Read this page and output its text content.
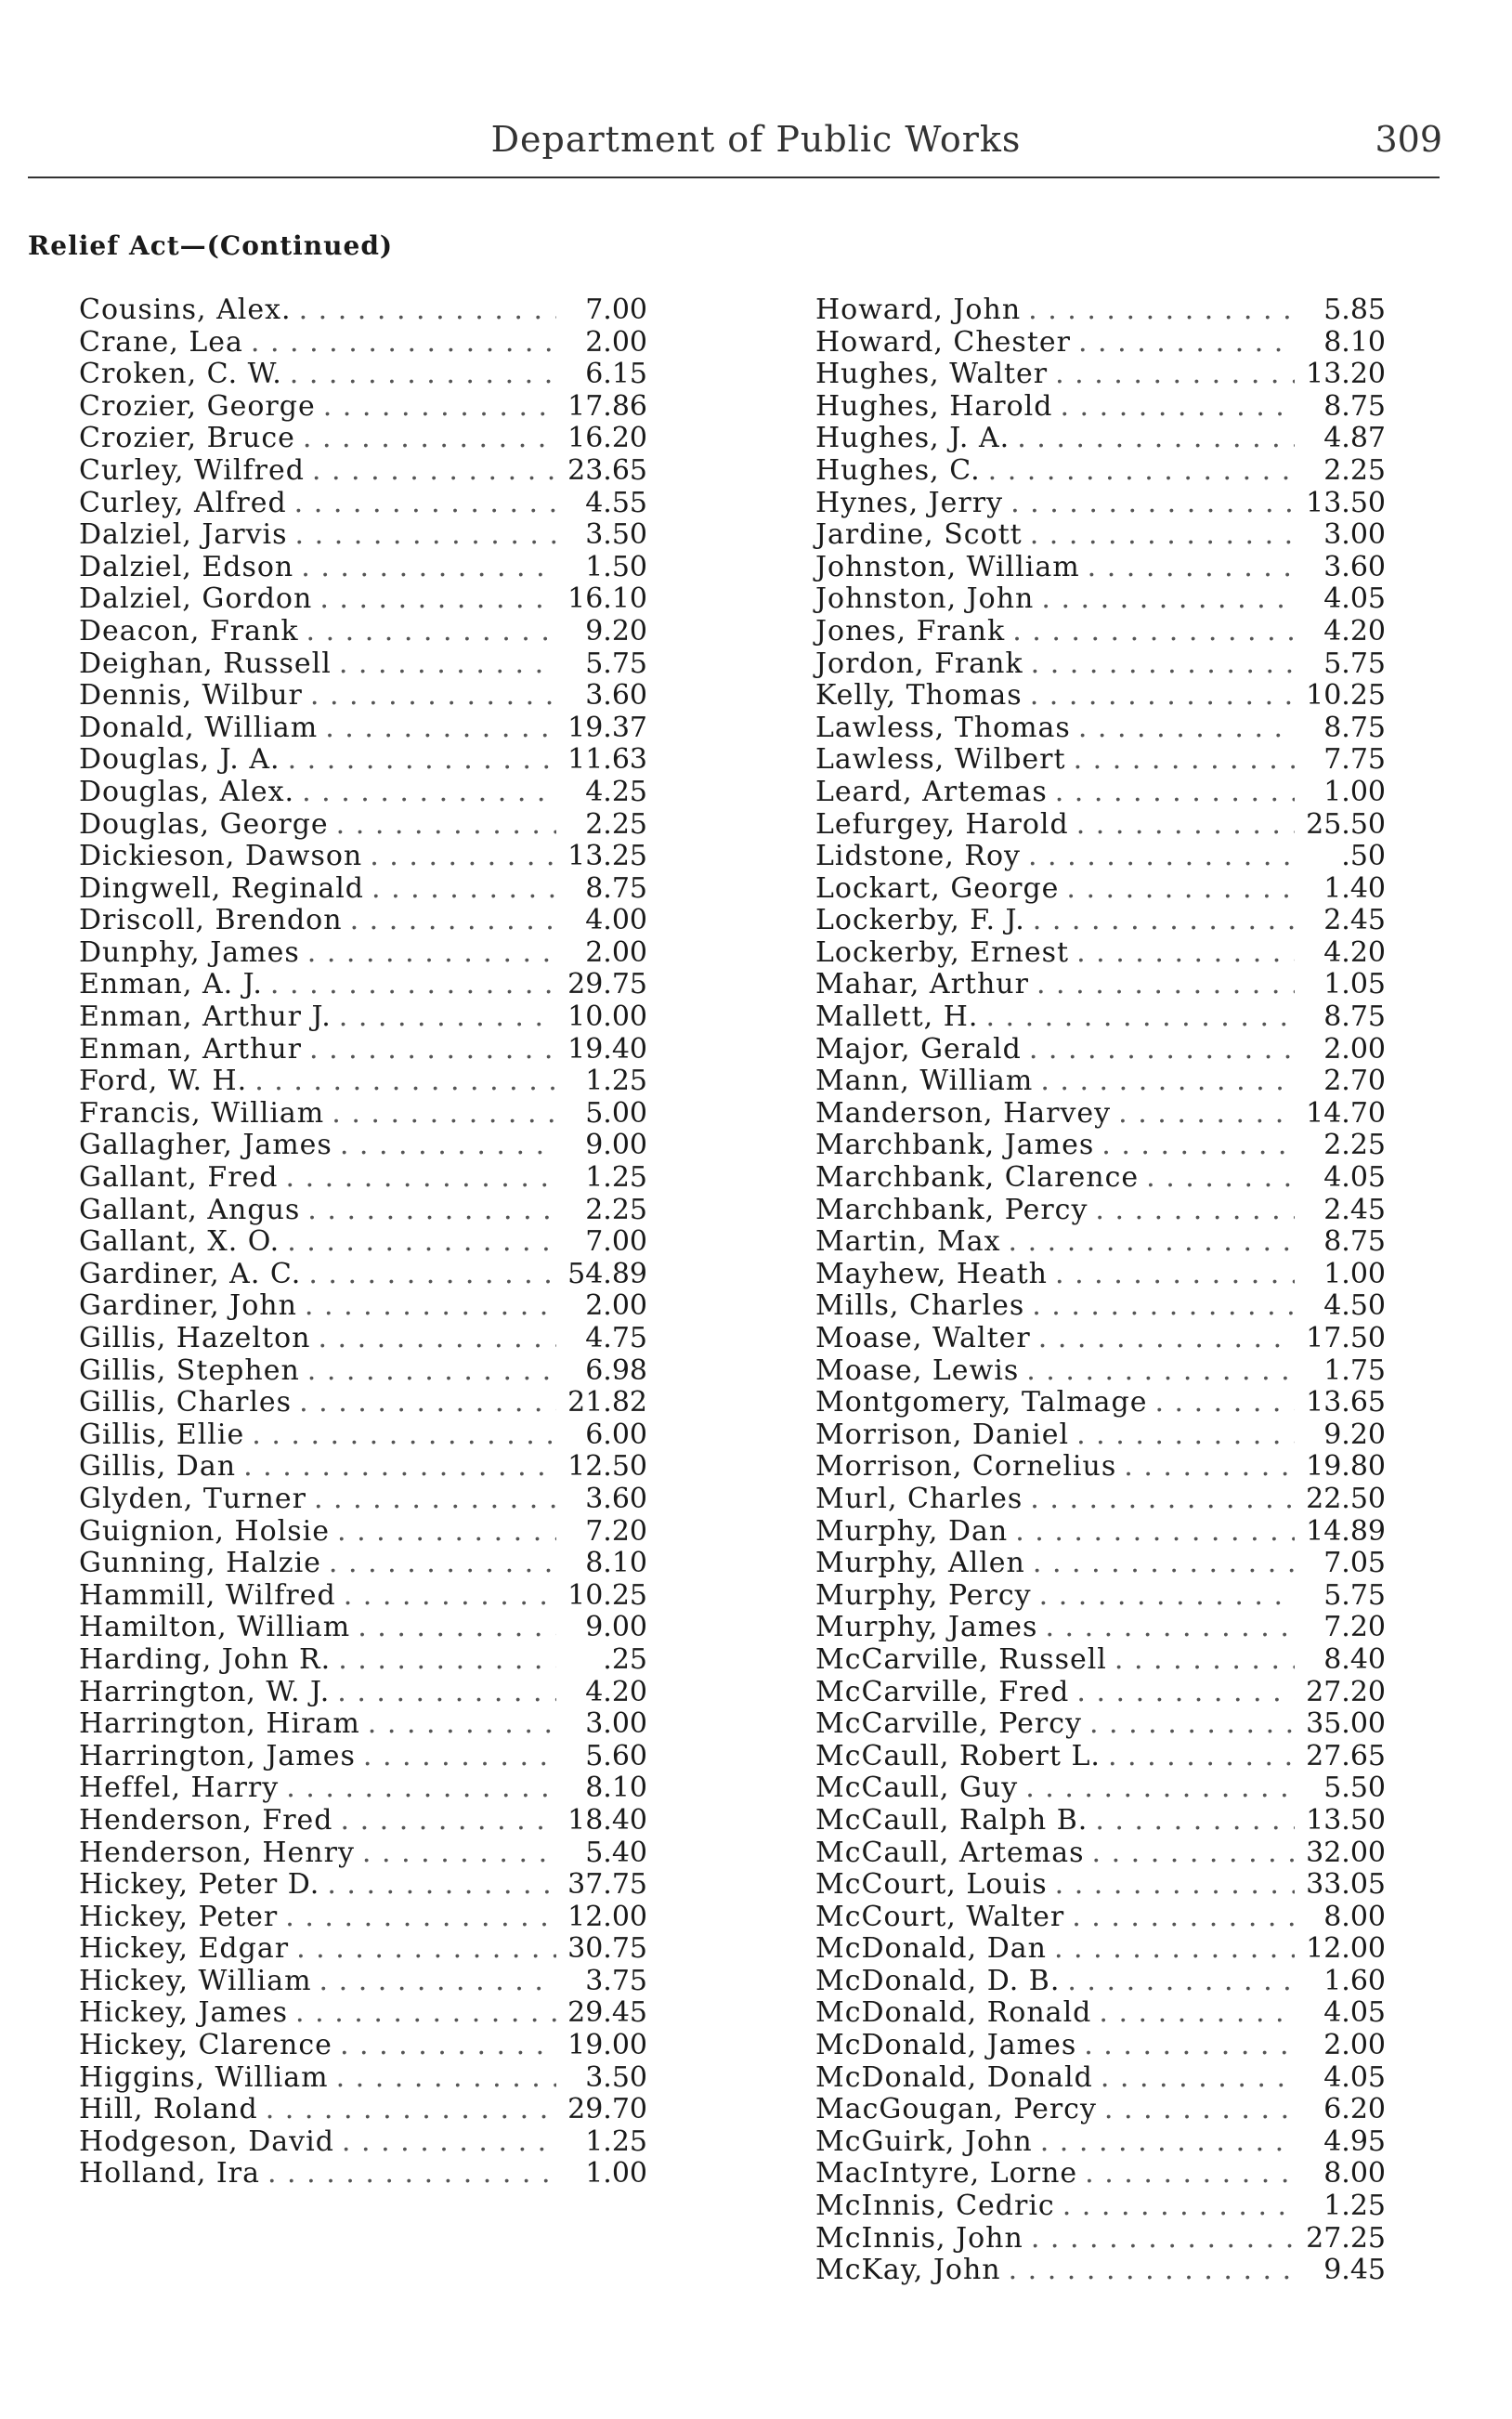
Department of Public Works	309
Relief Act—(Continued)
Cousins, Alex. . . .	7.00
Crane, Lea . . .	2.00
Croken, C. W. . . .	6.15
Crozier, George . . .	17.86
Crozier, Bruce . . .	16.20
Curley, Wilfred . . .	23.65
Curley, Alfred . . .	4.55
Dalziel, Jarvis . . .	3.50
Dalziel, Edson . . .	1.50
Dalziel, Gordon . . .	16.10
Deacon, Frank . . .	9.20
Deighan, Russell . . .	5.75
Dennis, Wilbur . . .	3.60
Donald, William . . .	19.37
Douglas, J. A. . . .	11.63
Douglas, Alex. . . .	4.25
Douglas, George . . .	2.25
Dickieson, Dawson . . .	13.25
Dingwell, Reginald . . .	8.75
Driscoll, Brendon . . .	4.00
Dunphy, James . . .	2.00
Enman, A. J. . . .	29.75
Enman, Arthur J. . . .	10.00
Enman, Arthur . . .	19.40
Ford, W. H. . . .	1.25
Francis, William . . .	5.00
Gallagher, James . . .	9.00
Gallant, Fred . . .	1.25
Gallant, Angus . . .	2.25
Gallant, X. O. . . .	7.00
Gardiner, A. C. . . .	54.89
Gardiner, John . . .	2.00
Gillis, Hazelton . . .	4.75
Gillis, Stephen . . .	6.98
Gillis, Charles . . .	21.82
Gillis, Ellie . . .	6.00
Gillis, Dan . . .	12.50
Glyden, Turner . . .	3.60
Guignion, Holsie . . .	7.20
Gunning, Halzie . . .	8.10
Hammill, Wilfred . . .	10.25
Hamilton, William . . .	9.00
Harding, John R. . . .	.25
Harrington, W. J. . . .	4.20
Harrington, Hiram . . .	3.00
Harrington, James . . .	5.60
Heffel, Harry . . .	8.10
Henderson, Fred . . .	18.40
Henderson, Henry . . .	5.40
Hickey, Peter D. . . .	37.75
Hickey, Peter . . .	12.00
Hickey, Edgar . . .	30.75
Hickey, William . . .	3.75
Hickey, James . . .	29.45
Hickey, Clarence . . .	19.00
Higgins, William . . .	3.50
Hill, Roland . . .	29.70
Hodgeson, David . . .	1.25
Holland, Ira . . .	1.00
Howard, John . . .	5.85
Howard, Chester . . .	8.10
Hughes, Walter . . .	13.20
Hughes, Harold . . .	8.75
Hughes, J. A. . . .	4.87
Hughes, C. . . .	2.25
Hynes, Jerry . . .	13.50
Jardine, Scott . . .	3.00
Johnston, William . . .	3.60
Johnston, John . . .	4.05
Jones, Frank . . .	4.20
Jordon, Frank . . .	5.75
Kelly, Thomas . . .	10.25
Lawless, Thomas . . .	8.75
Lawless, Wilbert . . .	7.75
Leard, Artemas . . .	1.00
Lefurgey, Harold . . .	25.50
Lidstone, Roy . . .	.50
Lockart, George . . .	1.40
Lockerby, F. J. . . .	2.45
Lockerby, Ernest . . .	4.20
Mahar, Arthur . . .	1.05
Mallett, H. . . .	8.75
Major, Gerald . . .	2.00
Mann, William . . .	2.70
Manderson, Harvey . . .	14.70
Marchbank, James . . .	2.25
Marchbank, Clarence . . .	4.05
Marchbank, Percy . . .	2.45
Martin, Max . . .	8.75
Mayhew, Heath . . .	1.00
Mills, Charles . . .	4.50
Moase, Walter . . .	17.50
Moase, Lewis . . .	1.75
Montgomery, Talmage . . .	13.65
Morrison, Daniel . . .	9.20
Morrison, Cornelius . . .	19.80
Murl, Charles . . .	22.50
Murphy, Dan . . .	14.89
Murphy, Allen . . .	7.05
Murphy, Percy . . .	5.75
Murphy, James . . .	7.20
McCarville, Russell . . .	8.40
McCarville, Fred . . .	27.20
McCarville, Percy . . .	35.00
McCaull, Robert L. . . .	27.65
McCaull, Guy . . .	5.50
McCaull, Ralph B. . . .	13.50
McCaull, Artemas . . .	32.00
McCourt, Louis . . .	33.05
McCourt, Walter . . .	8.00
McDonald, Dan . . .	12.00
McDonald, D. B. . . .	1.60
McDonald, Ronald . . .	4.05
McDonald, James . . .	2.00
McDonald, Donald . . .	4.05
MacGougan, Percy . . .	6.20
McGuirk, John . . .	4.95
MacIntyre, Lorne . . .	8.00
McInnis, Cedric . . .	1.25
McInnis, John . . .	27.25
McKay, John . . .	9.45
